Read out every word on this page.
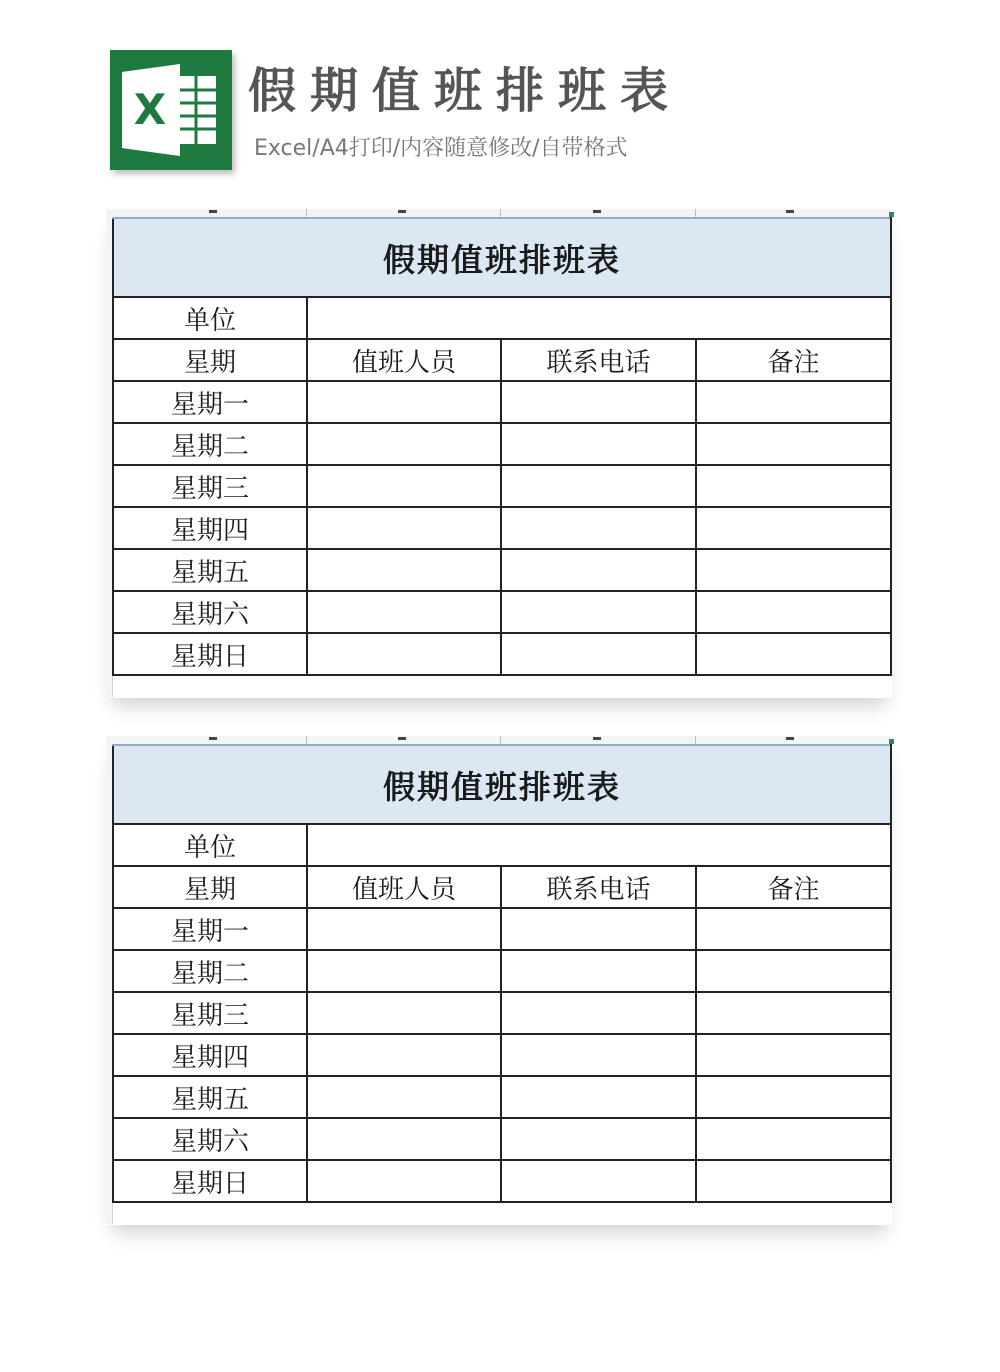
X 假期值班排班表
Excel/A4打印/内容随意修改/自带格式
假期值班排班表			
单位			
星期	值班人员	联系电话	备注
星期一			
星期二			
星期三			
星期四			
星期五			
星期六			
星期日			
假期值班排班表			
单位			
星期	值班人员	联系电话	备注
星期一			
星期二			
星期三			
星期四			
星期五			
星期六			
星期日			
